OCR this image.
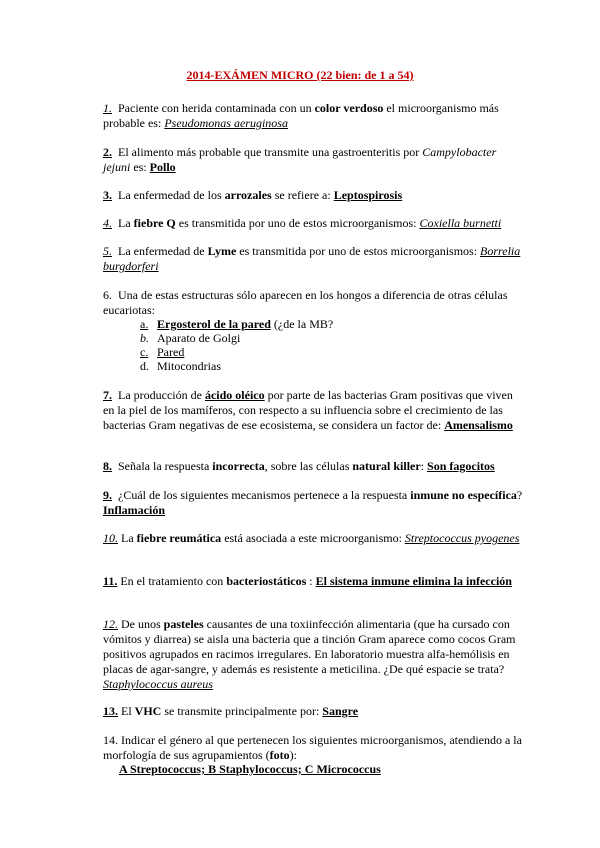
2014-EXÁMEN MICRO (22 bien: de 1 a 54)
1. Paciente con herida contaminada con un color verdoso el microorganismo más probable es: Pseudomonas aeruginosa
2. El alimento más probable que transmite una gastroenteritis por Campylobacter jejuni es: Pollo
3. La enfermedad de los arrozales se refiere a: Leptospirosis
4. La fiebre Q es transmitida por uno de estos microorganismos: Coxiella burnetti
5. La enfermedad de Lyme es transmitida por uno de estos microorganismos: Borrelia burgdorferi
6. Una de estas estructuras sólo aparecen en los hongos a diferencia de otras células eucariotas:
a. Ergosterol de la pared (¿de la MB?
b. Aparato de Golgi
c. Pared
d. Mitocondrias
7. La producción de ácido oléico por parte de las bacterias Gram positivas que viven en la piel de los mamíferos, con respecto a su influencia sobre el crecimiento de las bacterias Gram negativas de ese ecosistema, se considera un factor de: Amensalismo
8. Señala la respuesta incorrecta, sobre las células natural killer: Son fagocitos
9. ¿Cuál de los siguientes mecanismos pertenece a la respuesta inmune no específica? Inflamación
10. La fiebre reumática está asociada a este microorganismo: Streptococcus pyogenes
11. En el tratamiento con bacteriostáticos : El sistema inmune elimina la infección
12. De unos pasteles causantes de una toxiinfección alimentaria (que ha cursado con vómitos y diarrea) se aisla una bacteria que a tinción Gram aparece como cocos Gram positivos agrupados en racimos irregulares. En laboratorio muestra alfa-hemólisis en placas de agar-sangre, y además es resistente a meticilina. ¿De qué espacie se trata? Staphylococcus aureus
13. El VHC se transmite principalmente por: Sangre
14. Indicar el género al que pertenecen los siguientes microorganismos, atendiendo a la morfología de sus agrupamientos (foto):
A Streptococcus; B Staphylococcus; C Micrococcus
